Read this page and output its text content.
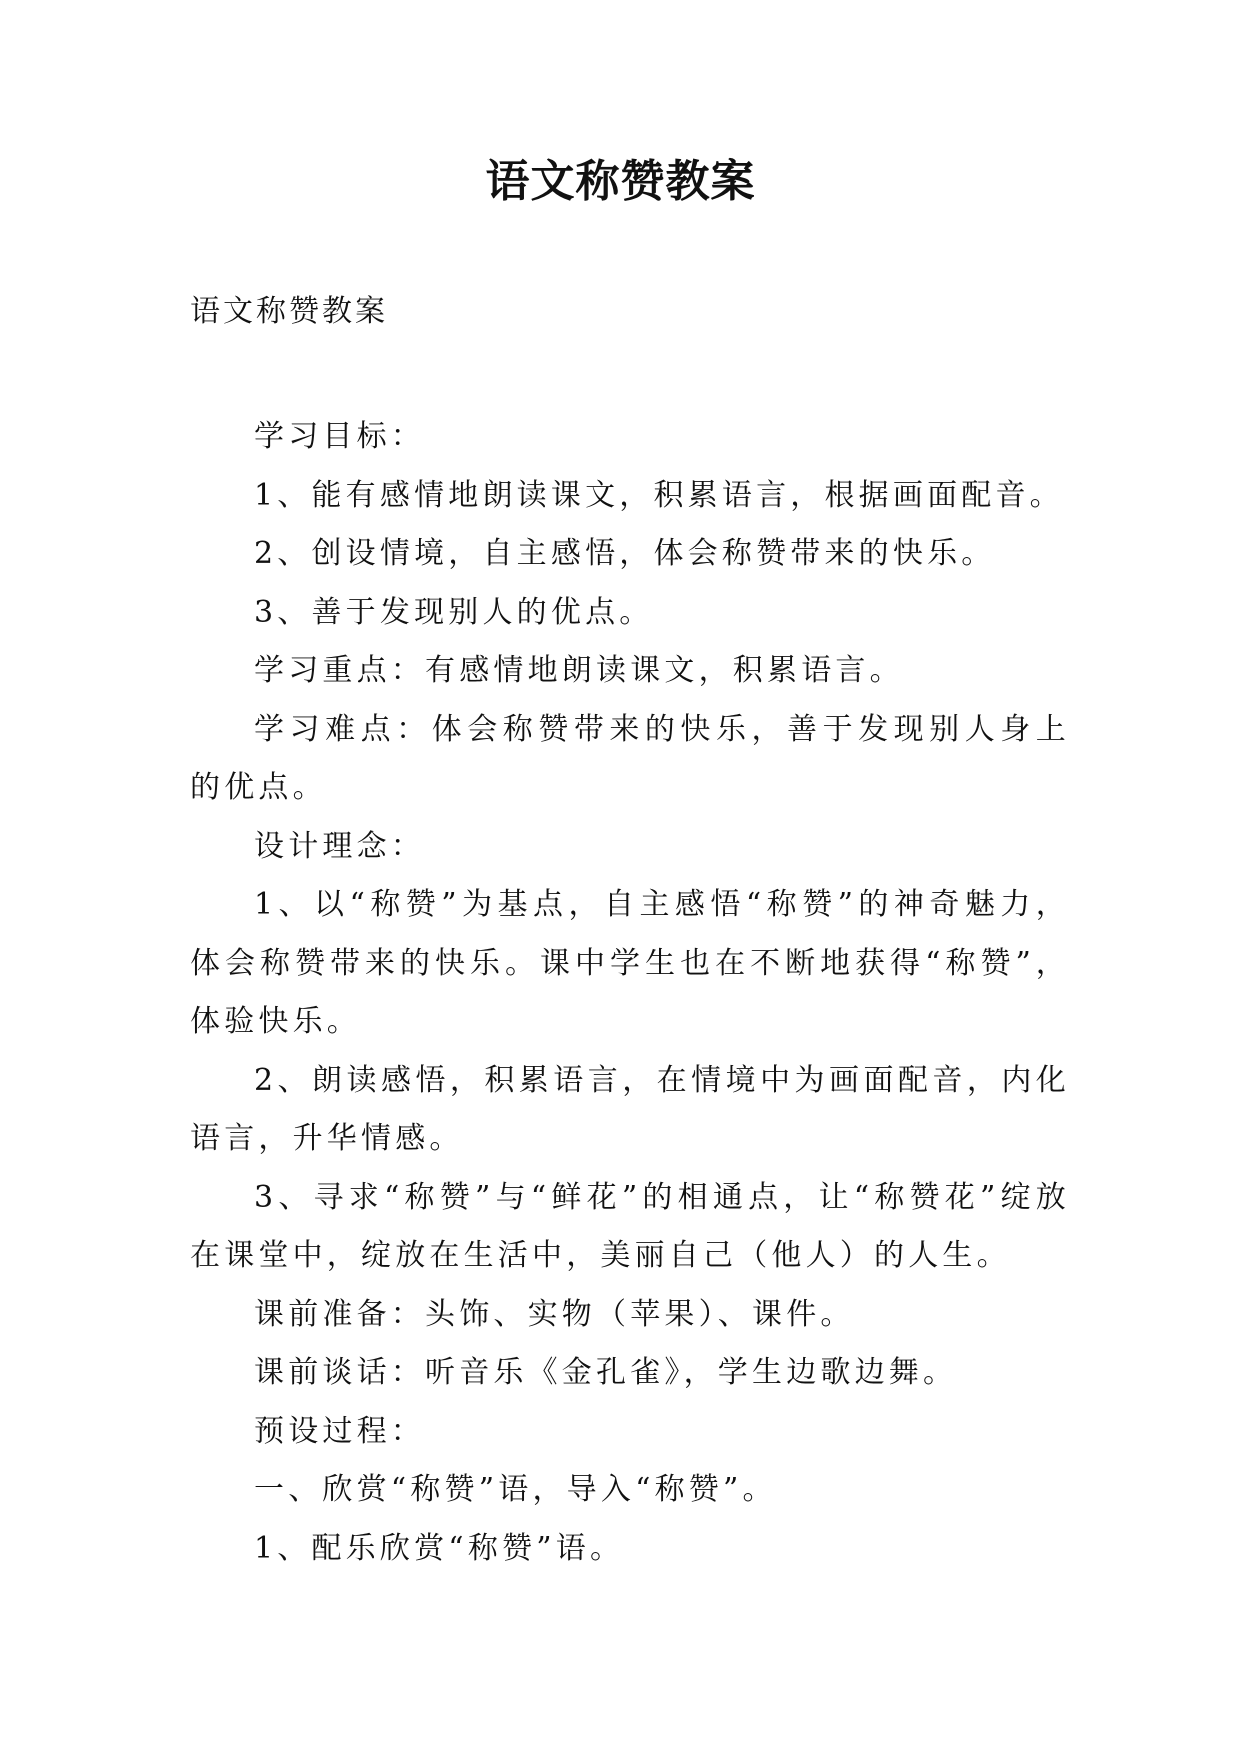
语文称赞教案

语文称赞教案

学习目标：

1、能有感情地朗读课文，积累语言，根据画面配音。

2、创设情境，自主感悟，体会称赞带来的快乐。

3、善于发现别人的优点。

学习重点：有感情地朗读课文，积累语言。

学习难点：体会称赞带来的快乐，善于发现别人身上的优点。

设计理念：

1、以“称赞”为基点，自主感悟“称赞”的神奇魅力，体会称赞带来的快乐。课中学生也在不断地获得“称赞”，体验快乐。

2、朗读感悟，积累语言，在情境中为画面配音，内化语言，升华情感。

3、寻求“称赞”与“鲜花”的相通点，让“称赞花”绽放在课堂中，绽放在生活中，美丽自己（他人）的人生。

课前准备：头饰、实物（苹果）、课件。

课前谈话：听音乐《金孔雀》，学生边歌边舞。

预设过程：

一、欣赏“称赞”语，导入“称赞”。

1、配乐欣赏“称赞”语。
